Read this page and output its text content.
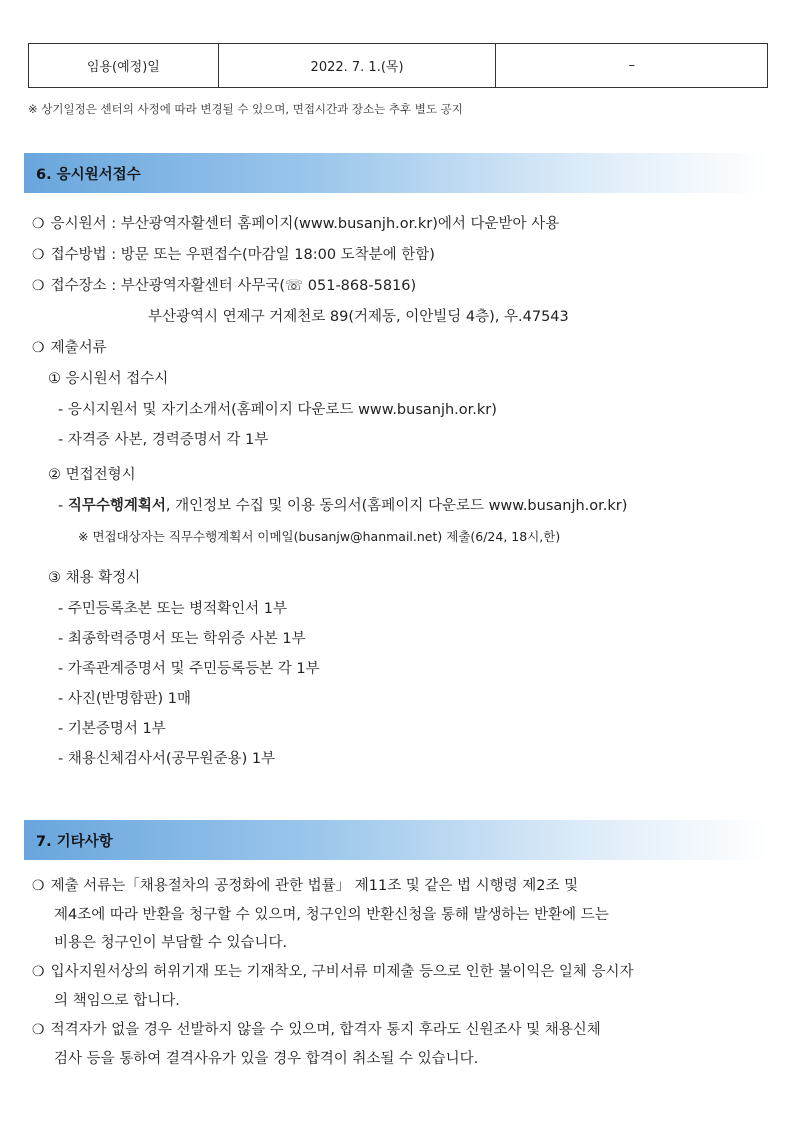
임용(예정)일	2022. 7. 1.(목)	–
※ 상기일정은 센터의 사정에 따라 변경될 수 있으며, 면접시간과 장소는 추후 별도 공지
6. 응시원서접수
❍ 응시원서 : 부산광역자활센터 홈페이지(www.busanjh.or.kr)에서 다운받아 사용
❍ 접수방법 : 방문 또는 우편접수(마감일 18:00 도착분에 한함)
❍ 접수장소 : 부산광역자활센터 사무국(☏ 051-868-5816)
부산광역시 연제구 거제천로 89(거제동, 이안빌딩 4층), 우.47543
❍ 제출서류
① 응시원서 접수시
- 응시지원서 및 자기소개서(홈페이지 다운로드 www.busanjh.or.kr)
- 자격증 사본, 경력증명서 각 1부
② 면접전형시
- 직무수행계획서, 개인정보 수집 및 이용 동의서(홈페이지 다운로드 www.busanjh.or.kr)
※ 면접대상자는 직무수행계획서 이메일(busanjw@hanmail.net) 제출(6/24, 18시,한)
③ 채용 확정시
- 주민등록초본 또는 병적확인서 1부
- 최종학력증명서 또는 학위증 사본 1부
- 가족관계증명서 및 주민등록등본 각 1부
- 사진(반명함판) 1매
- 기본증명서 1부
- 채용신체검사서(공무원준용) 1부
7. 기타사항
❍ 제출 서류는「채용절차의 공정화에 관한 법률」 제11조 및 같은 법 시행령 제2조 및
제4조에 따라 반환을 청구할 수 있으며, 청구인의 반환신청을 통해 발생하는 반환에 드는
비용은 청구인이 부담할 수 있습니다.
❍ 입사지원서상의 허위기재 또는 기재착오, 구비서류 미제출 등으로 인한 불이익은 일체 응시자
의 책임으로 합니다.
❍ 적격자가 없을 경우 선발하지 않을 수 있으며, 합격자 통지 후라도 신원조사 및 채용신체
검사 등을 통하여 결격사유가 있을 경우 합격이 취소될 수 있습니다.
